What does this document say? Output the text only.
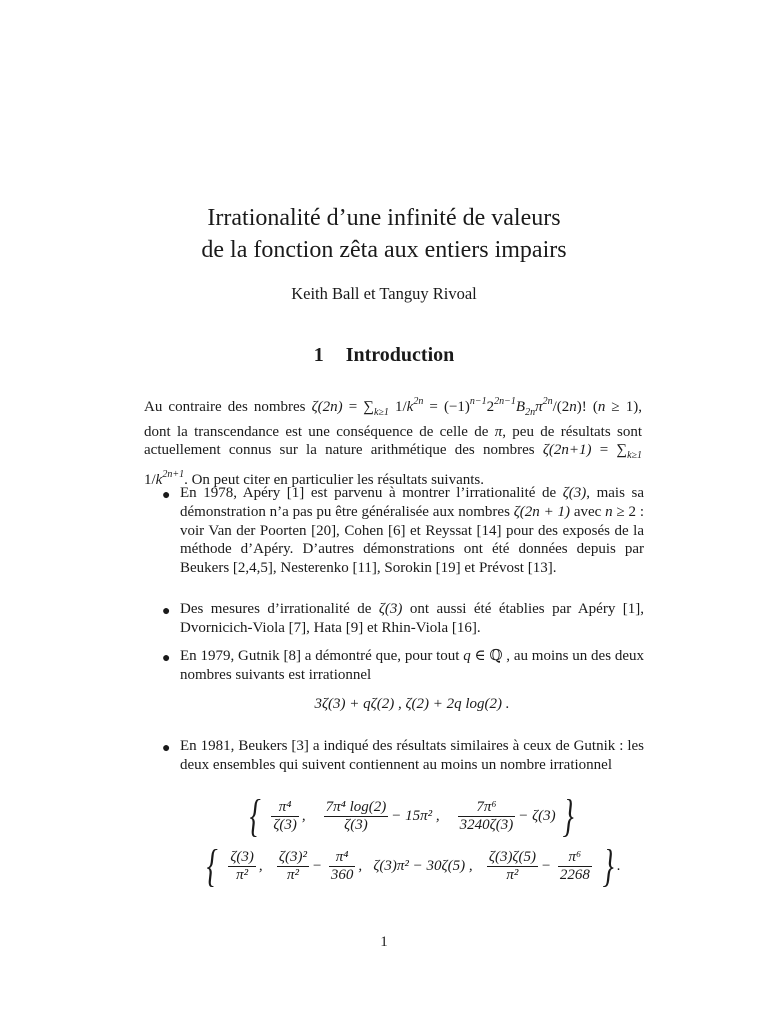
Irrationalité d’une infinité de valeurs
de la fonction zêta aux entiers impairs
Keith Ball et Tanguy Rivoal
1 Introduction

Au contraire des nombres $\zeta(2n) = \sum_{k\ge 1}$ $1/k^{2n} = (-1)^{n-1}2^{2n-1}B_{2n}\pi^{2n}/(2n)$! (n ≥ 1), dont la transcendance est une conséquence de celle de π, peu de résultats sont actuellement connus sur la nature arithmétique des nombres $\zeta(2n+1) = \sum_{k\ge 1}$ $1/k^{2n+1}$. On peut citer en particulier les résultats suivants.

● En 1978, Apéry [1] est parvenu à montrer l’irrationalité de ζ(3), mais sa démonstration n’a pas pu être généralisée aux nombres ζ(2n + 1) avec n ≥ 2 : voir Van der Poorten [20], Cohen [6] et Reyssat [14] pour des exposés de la méthode d’Apéry. D’autres démonstrations ont été données depuis par Beukers [2,4,5], Nesterenko [11], Sorokin [19] et Prévost [13].

● Des mesures d’irrationalité de ζ(3) ont aussi été établies par Apéry [1], Dvornicich-Viola [7], Hata [9] et Rhin-Viola [16].

● En 1979, Gutnik [8] a démontré que, pour tout q ∈ ℚ , au moins un des deux nombres suivants est irrationnel

3ζ(3) + qζ(2) , ζ(2) + 2q log(2) .
● En 1981, Beukers [3] a indiqué des résultats similaires à ceux de Gutnik : les deux ensembles qui suivent contiennent au moins un nombre irrationnel

{ $\frac{\text{π⁴}}{\zeta(3)}$ , $\frac{\text{7π⁴ log(2)}}{\zeta(3)} - 15\pi^2$ , $\frac{\text{7π⁶}}{3240\zeta(3)} - \zeta(3)$ }
{ $\frac{\zeta(3)}{\text{π²}}$ , $\frac{\text{ζ(3)²}}{\text{π²}} - \frac{\text{π⁴}}{360}$ , ζ(3)π² − 30ζ(5) , $\frac{\zeta(3)\zeta(5)}{\text{π²}} - \frac{\text{π⁶}}{2268}$ } .
1
